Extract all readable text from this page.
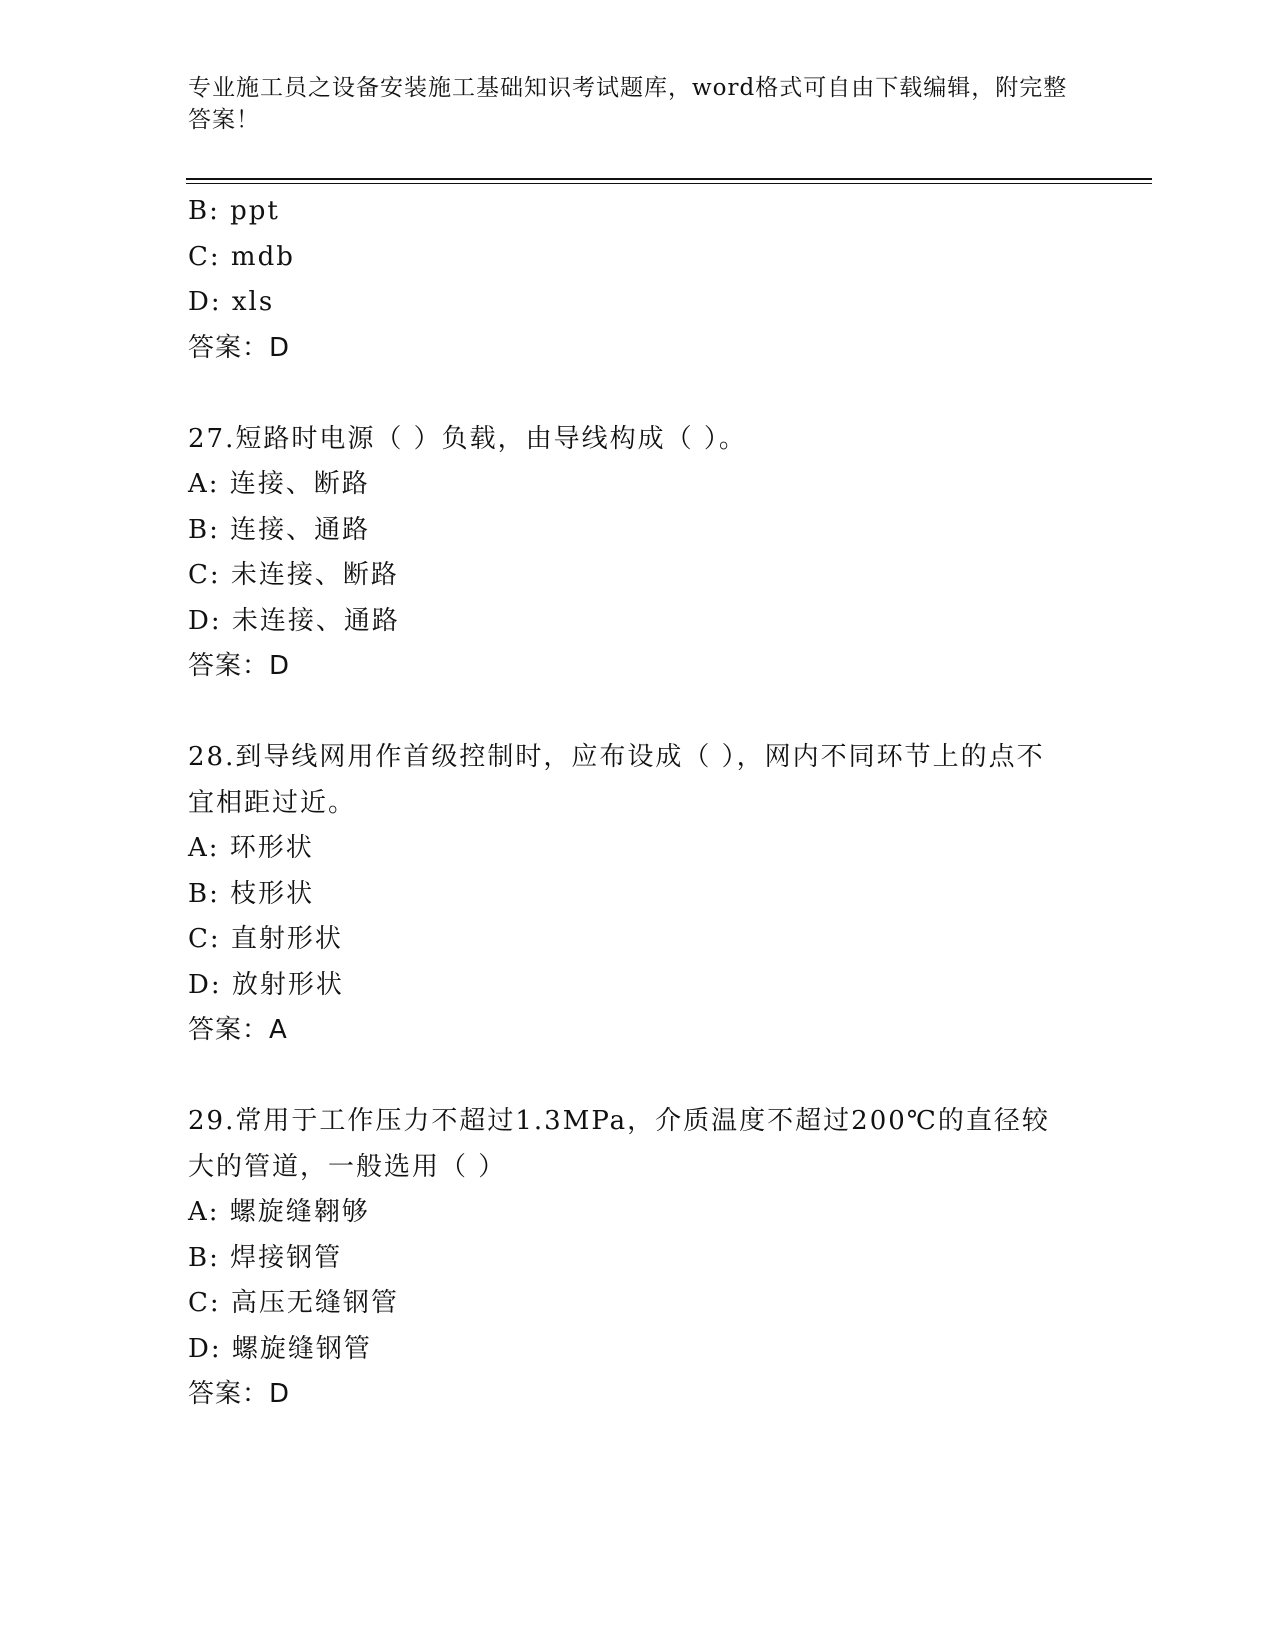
专业施工员之设备安装施工基础知识考试题库，word格式可自由下载编辑，附完整答案！
B: ppt
C: mdb
D: xls
答案：D
27.短路时电源（ ）负载，由导线构成（ ）。
A: 连接、断路
B: 连接、通路
C: 未连接、断路
D: 未连接、通路
答案：D
28.到导线网用作首级控制时，应布设成（ ），网内不同环节上的点不宜相距过近。
A: 环形状
B: 枝形状
C: 直射形状
D: 放射形状
答案：A
29.常用于工作压力不超过1.3MPa，介质温度不超过200℃的直径较大的管道，一般选用（ ）
A: 螺旋缝翱够
B: 焊接钢管
C: 高压无缝钢管
D: 螺旋缝钢管
答案：D
